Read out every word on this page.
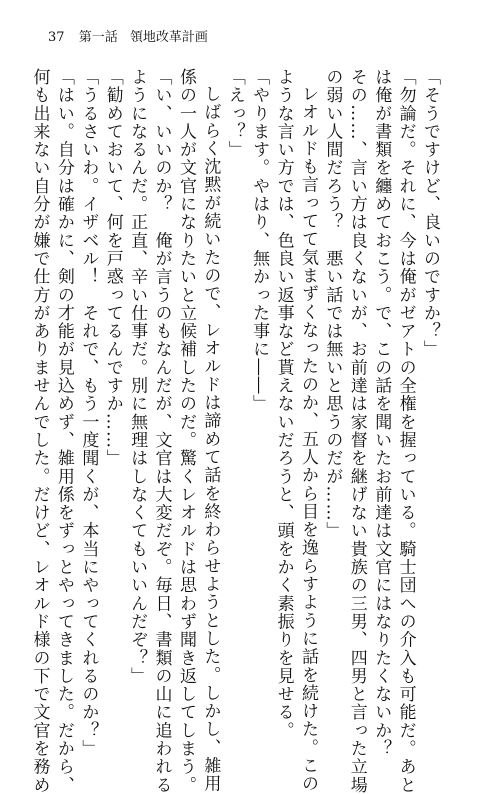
37 第一話 領地改革計画

「そうですけど、良いのですか？」

「勿論だ。それに、今は俺がゼアトの全権を握っている。騎士団への介入も可能だ。あと

は俺が書類を纏めておこう。で、この話を聞いたお前達は文官にはなりたくないか？

その……、言い方は良くないが、お前達は家督を継げない貴族の三男、四男と言った立場

の弱い人間だろう？　悪い話では無いと思うのだが……」

レオルドも言ってて気まずくなったのか、五人から目を逸らすように話を続けた。この

ような言い方では、色良い返事など貰えないだろうと、頭をかく素振りを見せる。

「やります。やはり、無かった事に――」

「えっ？」

しばらく沈黙が続いたので、レオルドは諦めて話を終わらせようとした。しかし、雑用

係の一人が文官になりたいと立候補したのだ。驚くレオルドは思わず聞き返してしまう。

「い、いいのか？　俺が言うのもなんだが、文官は大変だぞ。毎日、書類の山に追われる

ようになるんだ。正直、辛い仕事だ。別に無理はしなくてもいいんだぞ？」

「勧めておいて、何を戸惑ってるんですか……」

「うるさいわ。イザベル！　それで、もう一度聞くが、本当にやってくれるのか？」

「はい。自分は確かに、剣の才能が見込めず、雑用係をずっとやってきました。だから、

何も出来ない自分が嫌で仕方がありませんでした。だけど、レオルド様の下で文官を務め
